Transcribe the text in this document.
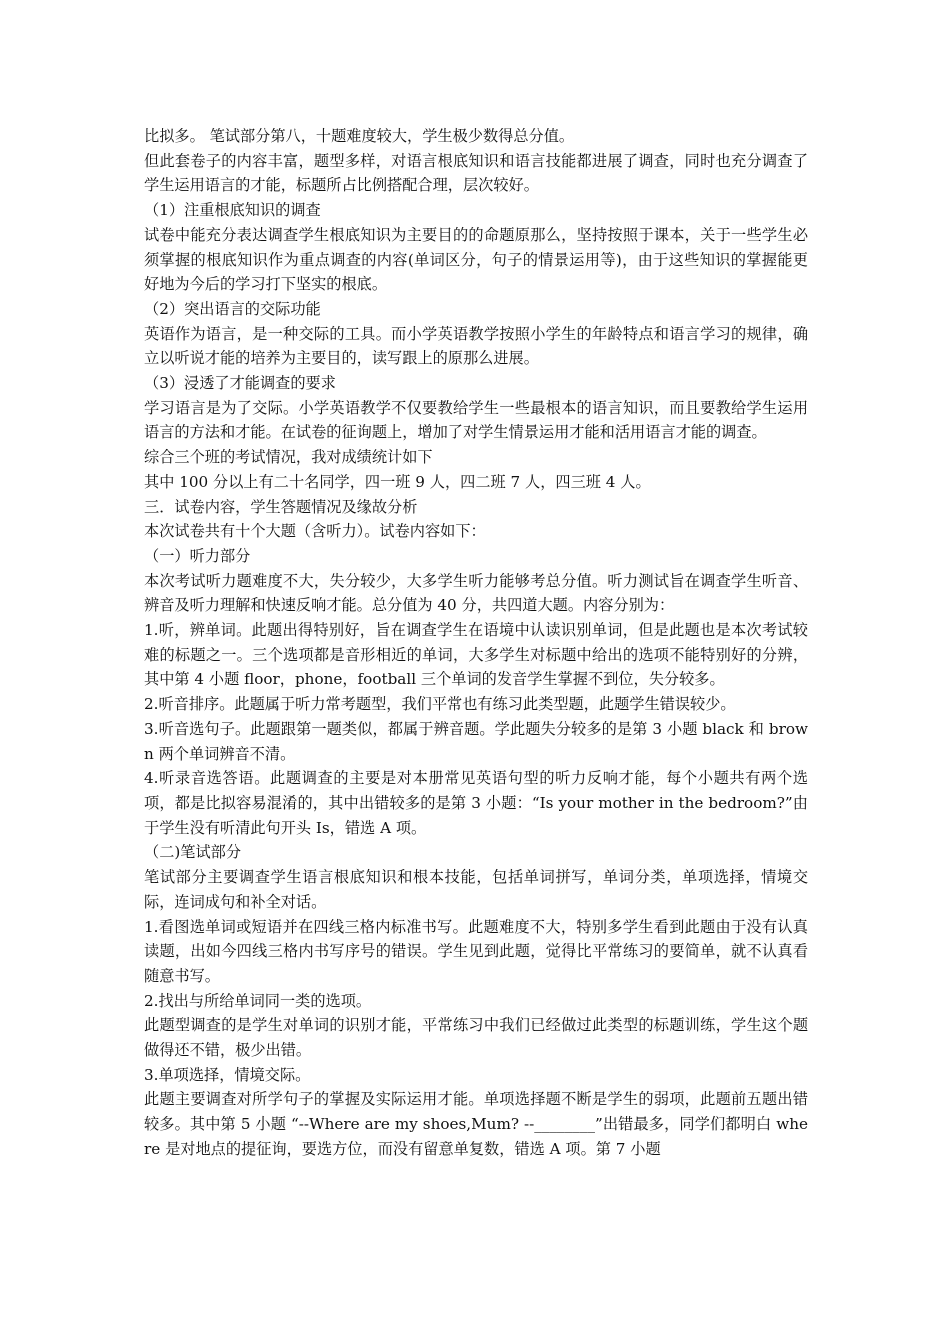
比拟多。 笔试部分第八，十题难度较大，学生极少数得总分值。

但此套卷子的内容丰富，题型多样，对语言根底知识和语言技能都进展了调查，同时也充分调查了学生运用语言的才能，标题所占比例搭配合理，层次较好。

（1）注重根底知识的调查

试卷中能充分表达调查学生根底知识为主要目的的命题原那么，坚持按照于课本，关于一些学生必须掌握的根底知识作为重点调查的内容(单词区分，句子的情景运用等)，由于这些知识的掌握能更好地为今后的学习打下坚实的根底。

（2）突出语言的交际功能

英语作为语言，是一种交际的工具。而小学英语教学按照小学生的年龄特点和语言学习的规律，确立以听说才能的培养为主要目的，读写跟上的原那么进展。

（3）浸透了才能调查的要求

学习语言是为了交际。小学英语教学不仅要教给学生一些最根本的语言知识，而且要教给学生运用语言的方法和才能。在试卷的征询题上，增加了对学生情景运用才能和活用语言才能的调查。

综合三个班的考试情况，我对成绩统计如下

其中 100 分以上有二十名同学，四一班 9 人，四二班 7 人，四三班 4 人。

三．试卷内容，学生答题情况及缘故分析

本次试卷共有十个大题（含听力）。试卷内容如下：

（一）听力部分

本次考试听力题难度不大，失分较少，大多学生听力能够考总分值。听力测试旨在调查学生听音、辨音及听力理解和快速反响才能。总分值为 40 分，共四道大题。内容分别为：

1.听，辨单词。此题出得特别好，旨在调查学生在语境中认读识别单词，但是此题也是本次考试较难的标题之一。三个选项都是音形相近的单词，大多学生对标题中给出的选项不能特别好的分辨，其中第 4 小题 floor，phone，football 三个单词的发音学生掌握不到位，失分较多。

2.听音排序。此题属于听力常考题型，我们平常也有练习此类型题，此题学生错误较少。

3.听音选句子。此题跟第一题类似，都属于辨音题。学此题失分较多的是第 3 小题 black 和 brown 两个单词辨音不清。

4.听录音选答语。此题调查的主要是对本册常见英语句型的听力反响才能，每个小题共有两个选项，都是比拟容易混淆的，其中出错较多的是第 3 小题：“Is your mother in the bedroom?”由于学生没有听清此句开头 Is，错选 A 项。

（二)笔试部分

笔试部分主要调查学生语言根底知识和根本技能，包括单词拼写，单词分类，单项选择，情境交际，连词成句和补全对话。

1.看图选单词或短语并在四线三格内标准书写。此题难度不大，特别多学生看到此题由于没有认真读题，出如今四线三格内书写序号的错误。学生见到此题，觉得比平常练习的要简单，就不认真看随意书写。

2.找出与所给单词同一类的选项。

此题型调查的是学生对单词的识别才能，平常练习中我们已经做过此类型的标题训练，学生这个题做得还不错，极少出错。

3.单项选择，情境交际。

此题主要调查对所学句子的掌握及实际运用才能。单项选择题不断是学生的弱项，此题前五题出错较多。其中第 5 小题 “--Where are my shoes,Mum? --________”出错最多，同学们都明白 where 是对地点的提征询，要选方位，而没有留意单复数，错选 A 项。第 7 小题
